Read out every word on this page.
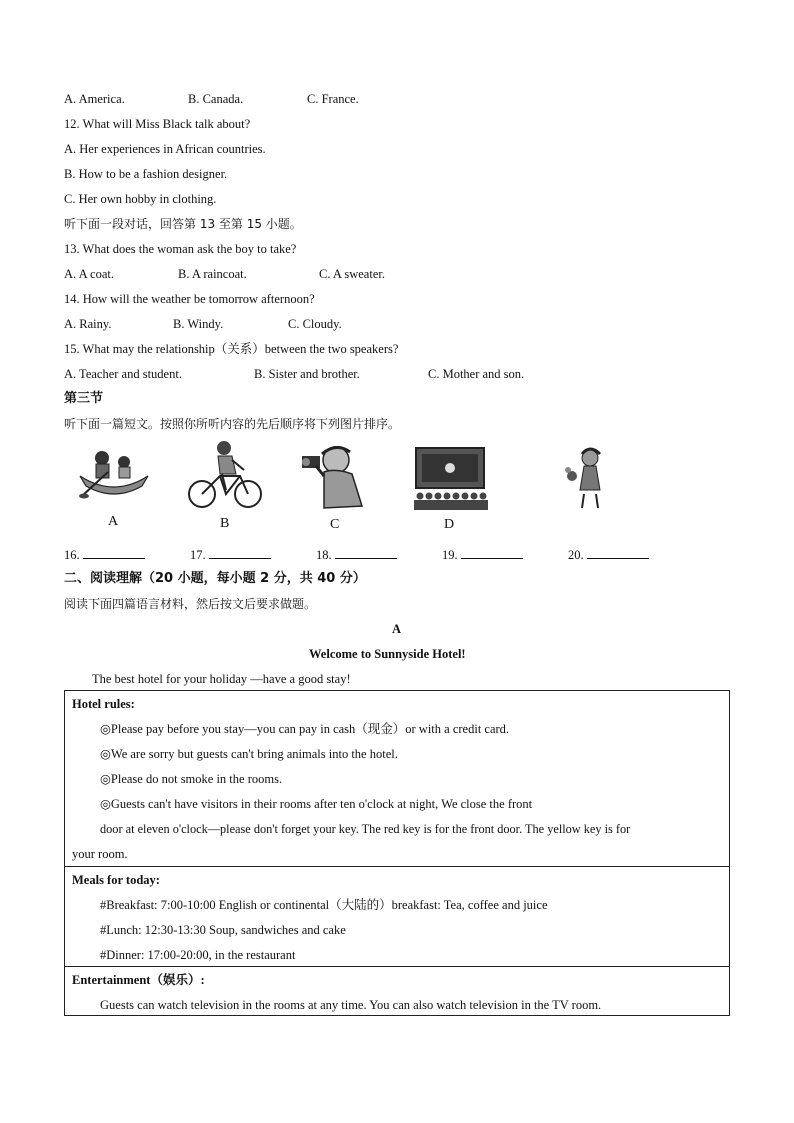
A. America.	B. Canada.	C. France.
12. What will Miss Black talk about?
A. Her experiences in African countries.
B. How to be a fashion designer.
C. Her own hobby in clothing.
听下面一段对话，回答第 13 至第 15 小题。
13. What does the woman ask the boy to take?
A. A coat.	B. A raincoat.	C. A sweater.
14. How will the weather be tomorrow afternoon?
A. Rainy.	B. Windy.	C. Cloudy.
15. What may the relationship（关系）between the two speakers?
A. Teacher and student.	B. Sister and brother.	C. Mother and son.
第三节
听下面一篇短文。按照你所听内容的先后顺序将下列图片排序。
A	B	C	D
16.	17.	18.	19.	20.
二、阅读理解（20 小题，每小题 2 分，共 40 分）
阅读下面四篇语言材料，然后按文后要求做题。
A
Welcome to Sunnyside Hotel!
The best hotel for your holiday —have a good stay!
Hotel rules:
◎Please pay before you stay—you can pay in cash（现金）or with a credit card.
◎We are sorry but guests can't bring animals into the hotel.
◎Please do not smoke in the rooms.
◎Guests can't have visitors in their rooms after ten o'clock at night, We close the front
door at eleven o'clock—please don't forget your key. The red key is for the front door. The yellow key is for
your room.
Meals for today:
#Breakfast: 7:00-10:00 English or continental（大陆的）breakfast: Tea, coffee and juice
#Lunch: 12:30-13:30 Soup, sandwiches and cake
#Dinner: 17:00-20:00, in the restaurant
Entertainment（娱乐）:
Guests can watch television in the rooms at any time. You can also watch television in the TV room.
